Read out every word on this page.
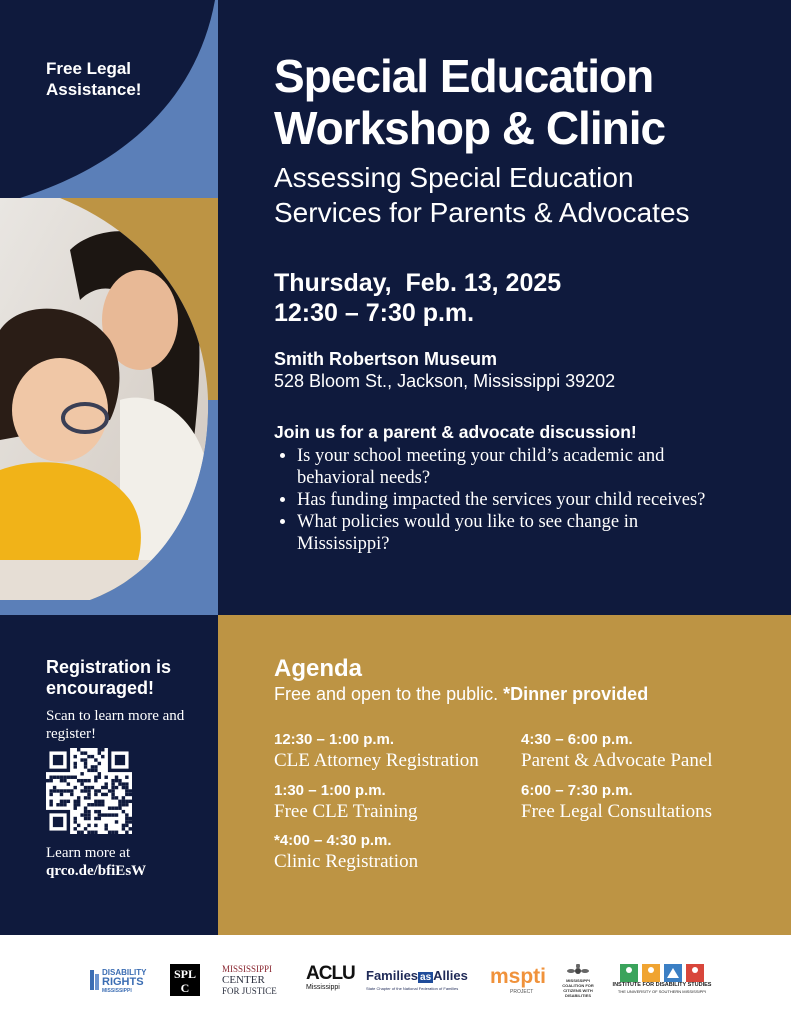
Free Legal Assistance!	Special Education
Workshop & Clinic
Assessing Special Education
Services for Parents & Advocates
Thursday,  Feb. 13, 2025
12:30 – 7:30 p.m.
Smith Robertson Museum
528 Bloom St., Jackson, Mississippi 39202
Join us for a parent & advocate discussion!
• Is your school meeting your child’s academic and behavioral needs?
• Has funding impacted the services your child receives?
• What policies would you like to see change in Mississippi?
Registration is encouraged!
Scan to learn more and register!
Learn more at
qrco.de/bfiEsW
Agenda
Free and open to the public. *Dinner provided
12:30 – 1:00 p.m.
CLE Attorney Registration
1:30 – 1:00 p.m.
Free CLE Training
*4:00 – 4:30 p.m.
Clinic Registration
4:30 – 6:00 p.m.
Parent & Advocate Panel
6:00 – 7:30 p.m.
Free Legal Consultations
DISABILITY
RIGHTS
MISSISSIPPI
SPLC
MISSISSIPPI
CENTER
FOR JUSTICE
ACLU
Mississippi
Families as Allies
State Chapter of the National Federation of Families
mspti
PROJECT
MISSISSIPPI
COALITION FOR
CITIZENS WITH
DISABILITIES
INSTITUTE FOR DISABILITY STUDIES
THE UNIVERSITY OF SOUTHERN MISSISSIPPI
